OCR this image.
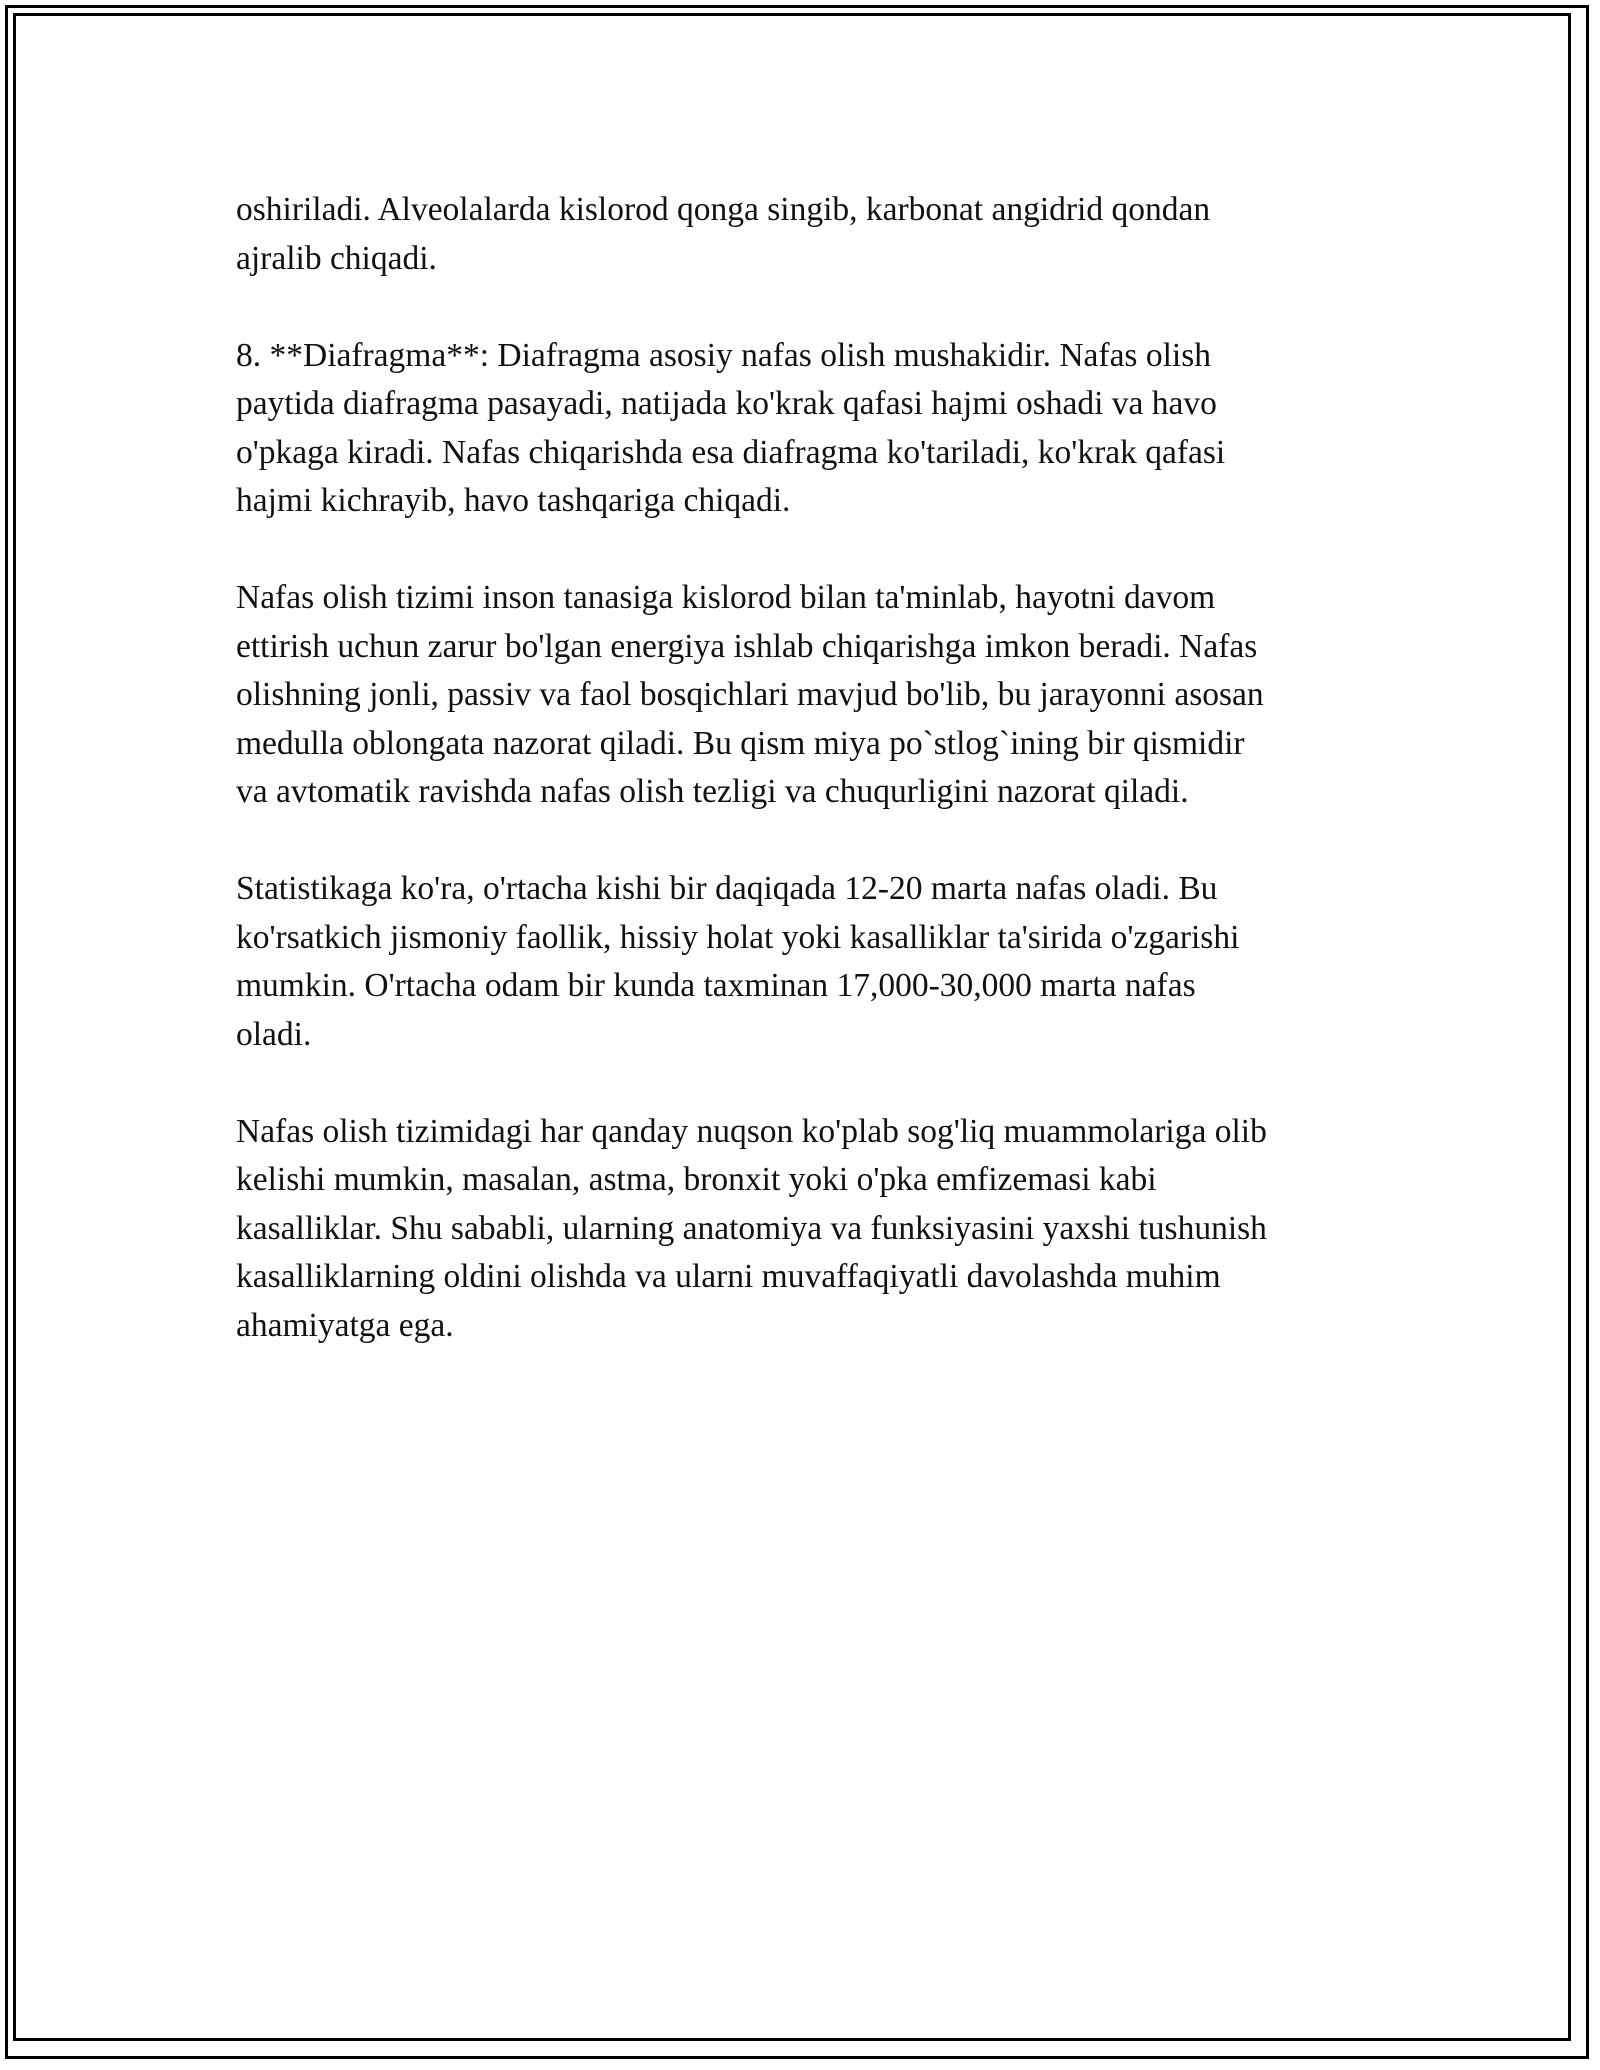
oshiriladi. Alveolalarda kislorod qonga singib, karbonat angidrid qondan
ajralib chiqadi.

8. **Diafragma**: Diafragma asosiy nafas olish mushakidir. Nafas olish
paytida diafragma pasayadi, natijada ko'krak qafasi hajmi oshadi va havo
o'pkaga kiradi. Nafas chiqarishda esa diafragma ko'tariladi, ko'krak qafasi
hajmi kichrayib, havo tashqariga chiqadi.

Nafas olish tizimi inson tanasiga kislorod bilan ta'minlab, hayotni davom
ettirish uchun zarur bo'lgan energiya ishlab chiqarishga imkon beradi. Nafas
olishning jonli, passiv va faol bosqichlari mavjud bo'lib, bu jarayonni asosan
medulla oblongata nazorat qiladi. Bu qism miya po`stlog`ining bir qismidir
va avtomatik ravishda nafas olish tezligi va chuqurligini nazorat qiladi.

Statistikaga ko'ra, o'rtacha kishi bir daqiqada 12-20 marta nafas oladi. Bu
ko'rsatkich jismoniy faollik, hissiy holat yoki kasalliklar ta'sirida o'zgarishi
mumkin. O'rtacha odam bir kunda taxminan 17,000-30,000 marta nafas
oladi.

Nafas olish tizimidagi har qanday nuqson ko'plab sog'liq muammolariga olib
kelishi mumkin, masalan, astma, bronxit yoki o'pka emfizemasi kabi
kasalliklar. Shu sababli, ularning anatomiya va funksiyasini yaxshi tushunish
kasalliklarning oldini olishda va ularni muvaffaqiyatli davolashda muhim
ahamiyatga ega.
